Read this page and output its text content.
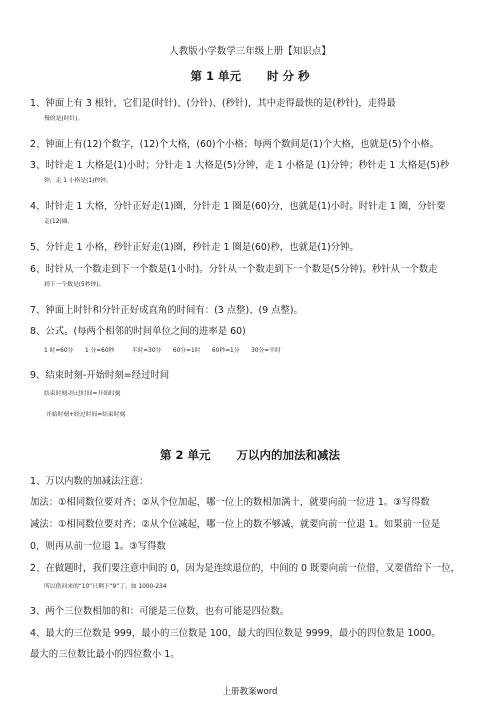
人教版小学数学三年级上册【知识点】
第 1 单元 时 分 秒
1、钟面上有 3 根针，它们是(时针)、(分针)、(秒针)，其中走得最快的是(秒针)，走得最
慢的是(时针)。
2、钟面上有(12)个数字，(12)个大格，(60)个小格；每两个数间是(1)个大格，也就是(5)个小格。
3、时针走 1 大格是(1)小时；分针走 1 大格是(5)分钟，走 1 小格是 (1)分钟；秒针走 1 大格是(5)秒
钟，走 1 小格是(1)秒钟。
4、时针走 1 大格，分针正好走(1)圈，分针走 1 圈是(60)分，也就是(1)小时。时针走 1 圈，分针要
走(12)圈。
5、分针走 1 小格，秒针正好走(1)圈，秒针走 1 圈是(60)秒，也就是(1)分钟。
6、时针从一个数走到下一个数是(1小时)。分针从一个数走到下一个数是(5分钟)。秒针从一个数走
到下一个数是(5秒钟)。
7、钟面上时针和分针正好成直角的时间有：(3 点整)、(9 点整)。
8、公式。(每两个相邻的时间单位之间的进率是 60)
1 时=60分　　1 分=60秒　　　半时=30分　　60分=1时　　60秒=1分　　30分=半时
9、结束时刻-开始时刻=经过时间
结束时刻-经过时间=开始时刻
开始时刻+经过时间=结束时刻
第 2 单元 万以内的加法和减法
1、万以内数的加减法注意：
加法：①相同数位要对齐；②从个位加起，哪一位上的数相加满十，就要向前一位进 1。③写得数
减法：①相同数位要对齐；②从个位减起，哪一位上的数不够减，就要向前一位退 1。如果前一位是
0，则再从前一位退 1。③写得数
2、在做题时，我们要注意中间的 0，因为是连续退位的，中间的 0 既要向前一位借，又要借给下一位，
所以借回来的“10”只剩下“9”了。如 1000-234
3、两个三位数相加的和：可能是三位数，也有可能是四位数。
4、最大的三位数是 999，最小的三位数是 100，最大的四位数是 9999，最小的四位数是 1000。
最大的三位数比最小的四位数小 1。
上册教案word
